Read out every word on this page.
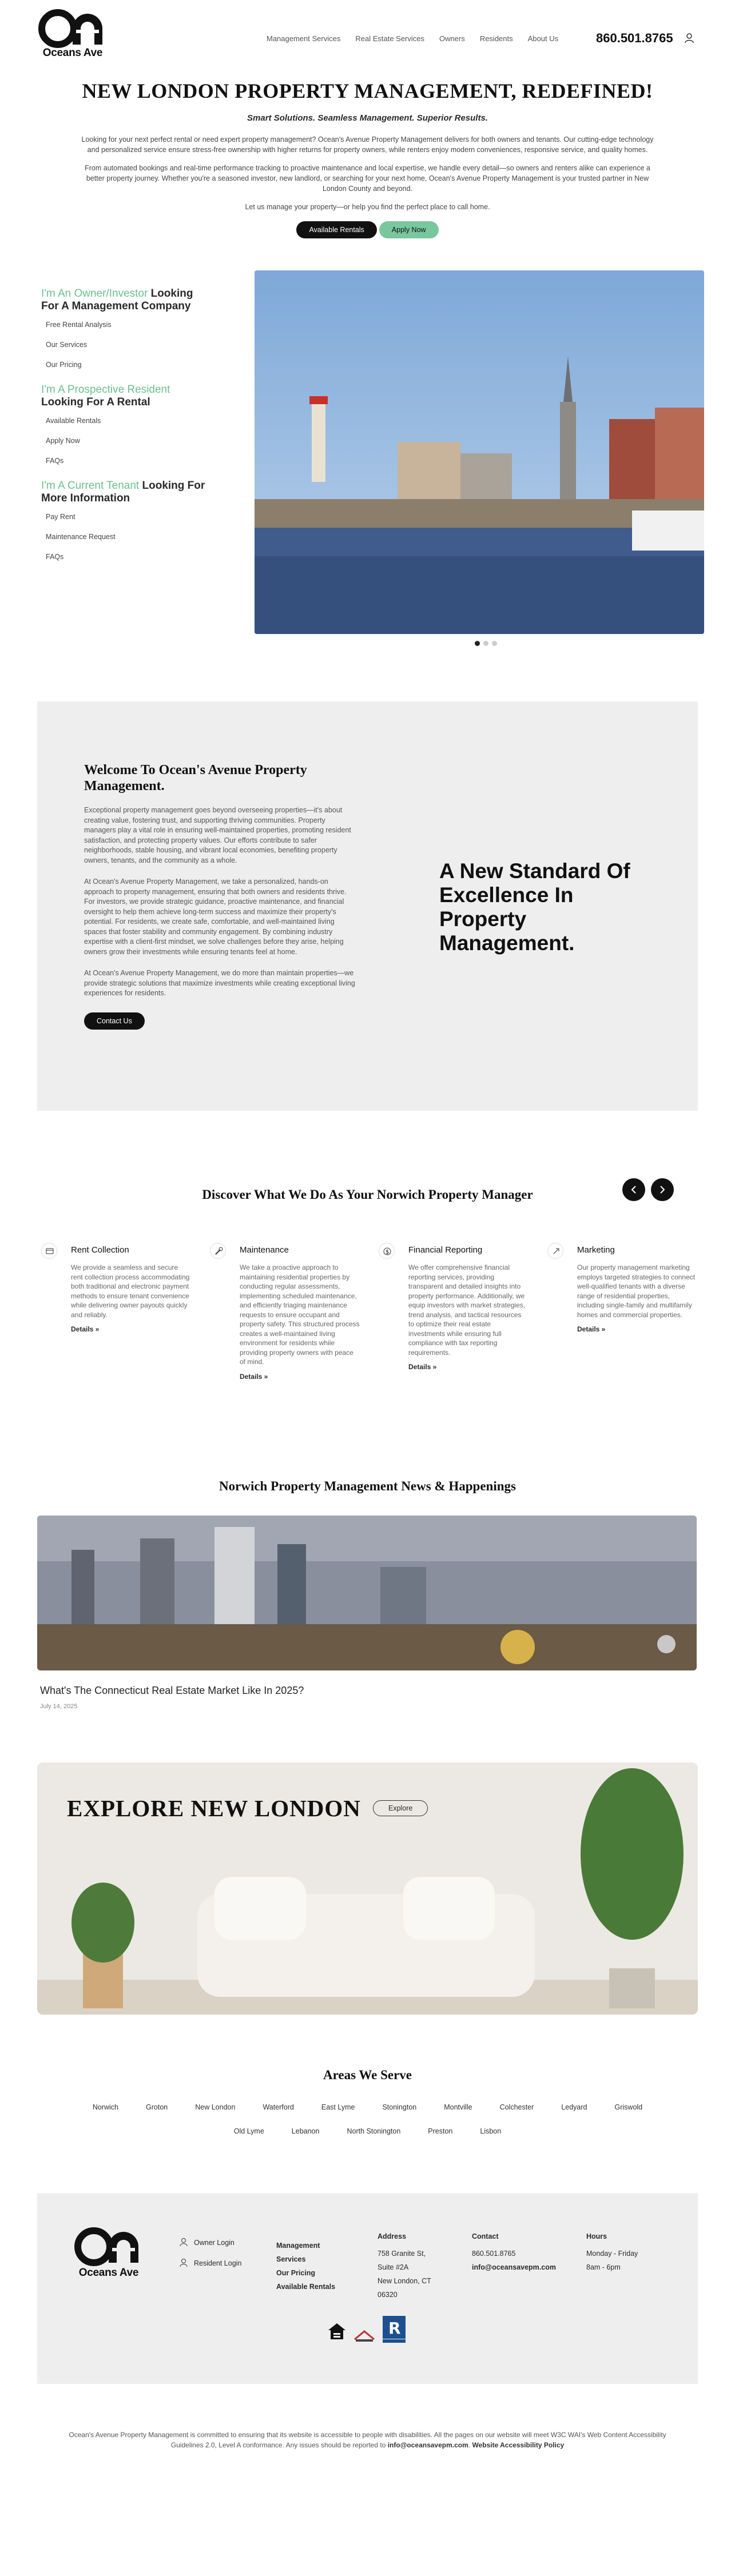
Oceans Ave
Management Services Real Estate Services Owners Residents About Us	860.501.8765
NEW LONDON PROPERTY MANAGEMENT, REDEFINED!
Smart Solutions. Seamless Management. Superior Results.

Looking for your next perfect rental or need expert property management? Ocean's Avenue Property Management delivers for both owners and tenants. Our cutting-edge technology and personalized service ensure stress-free ownership with higher returns for property owners, while renters enjoy modern conveniences, responsive service, and quality homes.

From automated bookings and real-time performance tracking to proactive maintenance and local expertise, we handle every detail—so owners and renters alike can experience a better property journey. Whether you're a seasoned investor, new landlord, or searching for your next home, Ocean's Avenue Property Management is your trusted partner in New London County and beyond.

Let us manage your property—or help you find the perfect place to call home.

Available Rentals	Apply Now
I'm An Owner/Investor Looking For A Management Company
Free Rental Analysis
Our Services
Our Pricing
I'm A Prospective Resident Looking For A Rental
Available Rentals
Apply Now
FAQs
I'm A Current Tenant Looking For More Information
Pay Rent
Maintenance Request
FAQs
Welcome To Ocean's Avenue Property Management.

Exceptional property management goes beyond overseeing properties—it's about creating value, fostering trust, and supporting thriving communities. Property managers play a vital role in ensuring well-maintained properties, promoting resident satisfaction, and protecting property values. Our efforts contribute to safer neighborhoods, stable housing, and vibrant local economies, benefiting property owners, tenants, and the community as a whole.

At Ocean's Avenue Property Management, we take a personalized, hands-on approach to property management, ensuring that both owners and residents thrive. For investors, we provide strategic guidance, proactive maintenance, and financial oversight to help them achieve long-term success and maximize their property's potential. For residents, we create safe, comfortable, and well-maintained living spaces that foster stability and community engagement. By combining industry expertise with a client-first mindset, we solve challenges before they arise, helping owners grow their investments while ensuring tenants feel at home.

At Ocean's Avenue Property Management, we do more than maintain properties—we provide strategic solutions that maximize investments while creating exceptional living experiences for residents.

Contact Us
A New Standard Of Excellence In Property Management.
Discover What We Do As Your Norwich Property Manager
Rent Collection

We provide a seamless and secure rent collection process accommodating both traditional and electronic payment methods to ensure tenant convenience while delivering owner payouts quickly and reliably.

Details »
Maintenance

We take a proactive approach to maintaining residential properties by conducting regular assessments, implementing scheduled maintenance, and efficiently triaging maintenance requests to ensure occupant and property safety. This structured process creates a well-maintained living environment for residents while providing property owners with peace of mind.

Details »
$ Financial Reporting

We offer comprehensive financial reporting services, providing transparent and detailed insights into property performance. Additionally, we equip investors with market strategies, trend analysis, and tactical resources to optimize their real estate investments while ensuring full compliance with tax reporting requirements.

Details »
Marketing

Our property management marketing employs targeted strategies to connect well-qualified tenants with a diverse range of residential properties, including single-family and multifamily homes and commercial properties.

Details »
Norwich Property Management News & Happenings
What's The Connecticut Real Estate Market Like In 2025?
July 14, 2025
EXPLORE NEW LONDON	Explore
Areas We Serve
Norwich	Groton	New London	Waterford	East Lyme	Stonington	Montville	Colchester	Ledyard	Griswold
Old Lyme	Lebanon	North Stonington	Preston	Lisbon
Oceans Ave
Owner Login
Resident Login
Management
Services
Our Pricing
Available Rentals
Address
758 Granite St,
Suite #2A
New London, CT
06320
Contact
860.501.8765
info@oceansavepm.com
Hours
Monday - Friday
8am - 6pm
R
Ocean's Avenue Property Management is committed to ensuring that its website is accessible to people with disabilities. All the pages on our website will meet W3C WAI's Web Content Accessibility Guidelines 2.0, Level A conformance. Any issues should be reported to info@oceansavepm.com. Website Accessibility Policy
